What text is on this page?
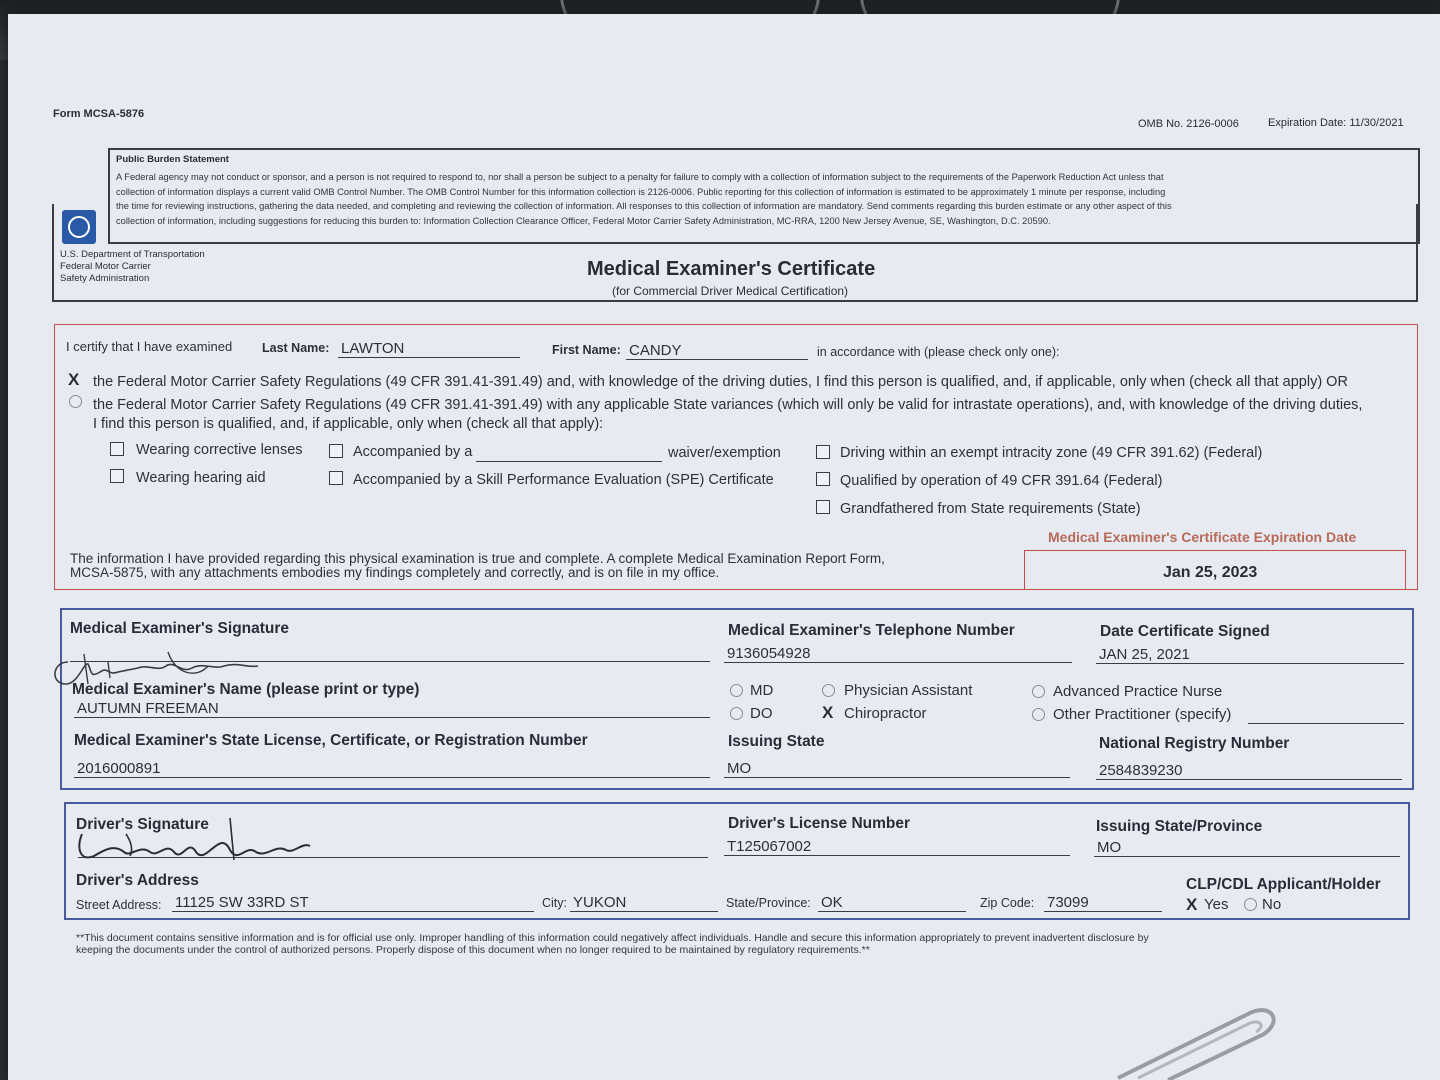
Form MCSA-5876
OMB No. 2126-0006	Expiration Date: 11/30/2021
Public Burden Statement
A Federal agency may not conduct or sponsor, and a person is not required to respond to, nor shall a person be subject to a penalty for failure to comply with a collection of information subject to the requirements of the Paperwork Reduction Act unless that
collection of information displays a current valid OMB Control Number. The OMB Control Number for this information collection is 2126-0006. Public reporting for this collection of information is estimated to be approximately 1 minute per response, including
the time for reviewing instructions, gathering the data needed, and completing and reviewing the collection of information. All responses to this collection of information are mandatory. Send comments regarding this burden estimate or any other aspect of this
collection of information, including suggestions for reducing this burden to: Information Collection Clearance Officer, Federal Motor Carrier Safety Administration, MC-RRA, 1200 New Jersey Avenue, SE, Washington, D.C. 20590.
U.S. Department of Transportation
Federal Motor Carrier
Safety Administration	Medical Examiner's Certificate
(for Commercial Driver Medical Certification)
I certify that I have examined Last Name: LAWTON	First Name: CANDY	in accordance with (please check only one):
X the Federal Motor Carrier Safety Regulations (49 CFR 391.41-391.49) and, with knowledge of the driving duties, I find this person is qualified, and, if applicable, only when (check all that apply) OR
the Federal Motor Carrier Safety Regulations (49 CFR 391.41-391.49) with any applicable State variances (which will only be valid for intrastate operations), and, with knowledge of the driving duties,
I find this person is qualified, and, if applicable, only when (check all that apply):
Wearing corrective lenses
Wearing hearing aid
Accompanied by a	waiver/exemption
Accompanied by a Skill Performance Evaluation (SPE) Certificate
Driving within an exempt intracity zone (49 CFR 391.62) (Federal)
Qualified by operation of 49 CFR 391.64 (Federal)
Grandfathered from State requirements (State)
Medical Examiner's Certificate Expiration Date
Jan 25, 2023
The information I have provided regarding this physical examination is true and complete. A complete Medical Examination Report Form,
MCSA-5875, with any attachments embodies my findings completely and correctly, and is on file in my office.
Medical Examiner's Signature	Medical Examiner's Telephone Number
9136054928
Date Certificate Signed
JAN 25, 2021
Medical Examiner's Name (please print or type)
AUTUMN FREEMAN
MD
DO
Physician Assistant
X Chiropractor
Advanced Practice Nurse
Other Practitioner (specify)
Medical Examiner's State License, Certificate, or Registration Number
2016000891
Issuing State
MO
National Registry Number
2584839230
Driver's Signature	Driver's License Number
T125067002
Issuing State/Province
MO
Driver's Address
Street Address: 11125 SW 33RD ST	City: YUKON	State/Province: OK	Zip Code: 73099
CLP/CDL Applicant/Holder
X Yes No
**This document contains sensitive information and is for official use only. Improper handling of this information could negatively affect individuals. Handle and secure this information appropriately to prevent inadvertent disclosure by
keeping the documents under the control of authorized persons. Properly dispose of this document when no longer required to be maintained by regulatory requirements.**
